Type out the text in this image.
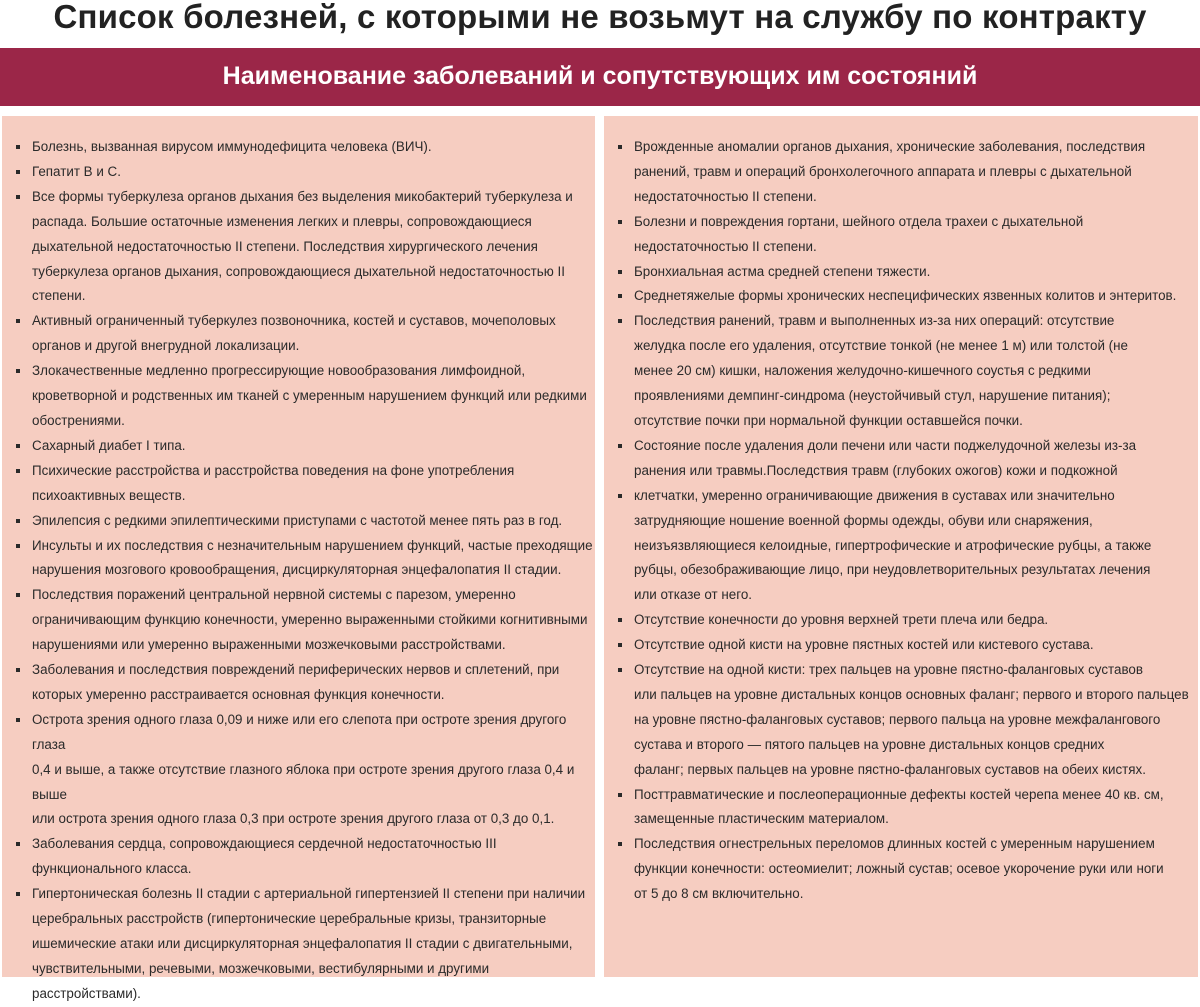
Список болезней, с которыми не возьмут на службу по контракту
Наименование заболеваний и сопутствующих им состояний
Болезнь, вызванная вирусом иммунодефицита человека (ВИЧ).
Гепатит В и С.
Все формы туберкулеза органов дыхания без выделения микобактерий туберкулеза и
распада. Большие остаточные изменения легких и плевры, сопровождающиеся
дыхательной недостаточностью II степени. Последствия хирургического лечения
туберкулеза органов дыхания, сопровождающиеся дыхательной недостаточностью II
степени.
Активный ограниченный туберкулез позвоночника, костей и суставов, мочеполовых
органов и другой внегрудной локализации.
Злокачественные медленно прогрессирующие новообразования лимфоидной,
кроветворной и родственных им тканей с умеренным нарушением функций или редкими
обострениями.
Сахарный диабет I типа.
Психические расстройства и расстройства поведения на фоне употребления
психоактивных веществ.
Эпилепсия с редкими эпилептическими приступами с частотой менее пять раз в год.
Инсульты и их последствия с незначительным нарушением функций, частые преходящие
нарушения мозгового кровообращения, дисциркуляторная энцефалопатия II стадии.
Последствия поражений центральной нервной системы с парезом, умеренно
ограничивающим функцию конечности, умеренно выраженными стойкими когнитивными
нарушениями или умеренно выраженными мозжечковыми расстройствами.
Заболевания и последствия повреждений периферических нервов и сплетений, при
которых умеренно расстраивается основная функция конечности.
Острота зрения одного глаза 0,09 и ниже или его слепота при остроте зрения другого глаза
0,4 и выше, а также отсутствие глазного яблока при остроте зрения другого глаза 0,4 и выше
или острота зрения одного глаза 0,3 при остроте зрения другого глаза от 0,3 до 0,1.
Заболевания сердца, сопровождающиеся сердечной недостаточностью III
функционального класса.
Гипертоническая болезнь II стадии с артериальной гипертензией II степени при наличии
церебральных расстройств (гипертонические церебральные кризы, транзиторные
ишемические атаки или дисциркуляторная энцефалопатия II стадии с двигательными,
чувствительными, речевыми, мозжечковыми, вестибулярными и другими
расстройствами).
Врожденные аномалии органов дыхания, хронические заболевания, последствия
ранений, травм и операций бронхолегочного аппарата и плевры с дыхательной
недостаточностью II степени.
Болезни и повреждения гортани, шейного отдела трахеи с дыхательной
недостаточностью II степени.
Бронхиальная астма средней степени тяжести.
Среднетяжелые формы хронических неспецифических язвенных колитов и энтеритов.
Последствия ранений, травм и выполненных из-за них операций: отсутствие
желудка после его удаления, отсутствие тонкой (не менее 1 м) или толстой (не
менее 20 см) кишки, наложения желудочно-кишечного соустья с редкими
проявлениями демпинг-синдрома (неустойчивый стул, нарушение питания);
отсутствие почки при нормальной функции оставшейся почки.
Состояние после удаления доли печени или части поджелудочной железы из-за
ранения или травмы.Последствия травм (глубоких ожогов) кожи и подкожной
клетчатки, умеренно ограничивающие движения в суставах или значительно
затрудняющие ношение военной формы одежды, обуви или снаряжения,
неизъязвляющиеся келоидные, гипертрофические и атрофические рубцы, а также
рубцы, обезображивающие лицо, при неудовлетворительных результатах лечения
или отказе от него.
Отсутствие конечности до уровня верхней трети плеча или бедра.
Отсутствие одной кисти на уровне пястных костей или кистевого сустава.
Отсутствие на одной кисти: трех пальцев на уровне пястно-фаланговых суставов
или пальцев на уровне дистальных концов основных фаланг; первого и второго пальцев
на уровне пястно-фаланговых суставов; первого пальца на уровне межфалангового
сустава и второго — пятого пальцев на уровне дистальных концов средних
фаланг; первых пальцев на уровне пястно-фаланговых суставов на обеих кистях.
Посттравматические и послеоперационные дефекты костей черепа менее 40 кв. см,
замещенные пластическим материалом.
Последствия огнестрельных переломов длинных костей с умеренным нарушением
функции конечности: остеомиелит; ложный сустав; осевое укорочение руки или ноги
от 5 до 8 см включительно.
